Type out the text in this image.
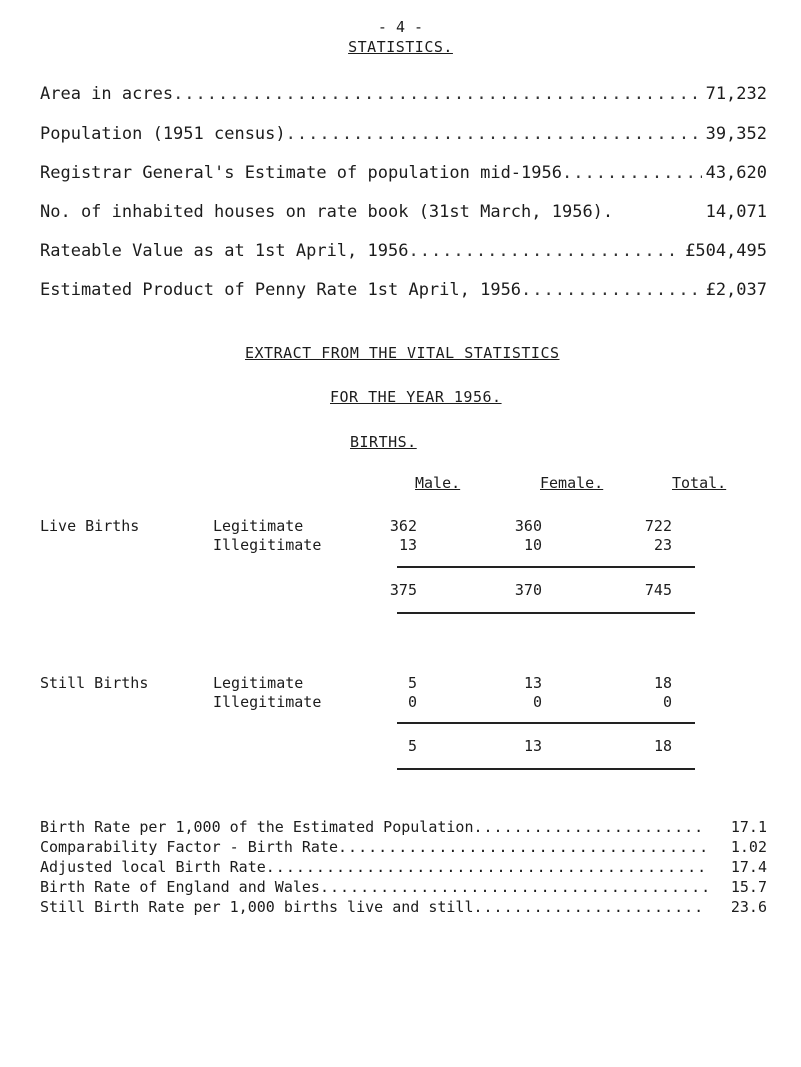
- 4 -
STATISTICS.
Area in acres .....	71,232
Population (1951 census) .....	39,352
Registrar General's Estimate of population mid-1956 .....	43,620
No. of inhabited houses on rate book (31st March, 1956).	14,071
Rateable Value as at 1st April, 1956 .....	£504,495
Estimated Product of Penny Rate 1st April, 1956 .....	£2,037
EXTRACT FROM THE VITAL STATISTICS
FOR THE YEAR 1956.
BIRTHS.
Male.	Female.	Total.
Live Births	Legitimate	362	360	722
Illegitimate	13	10	23
375	370	745
Still Births	Legitimate	5	13	18
Illegitimate	0	0	0
5	13	18
Birth Rate per 1,000 of the Estimated Population .....	17.1
Comparability Factor - Birth Rate .....	1.02
Adjusted local Birth Rate .....	17.4
Birth Rate of England and Wales .....	15.7
Still Birth Rate per 1,000 births live and still .....	23.6
